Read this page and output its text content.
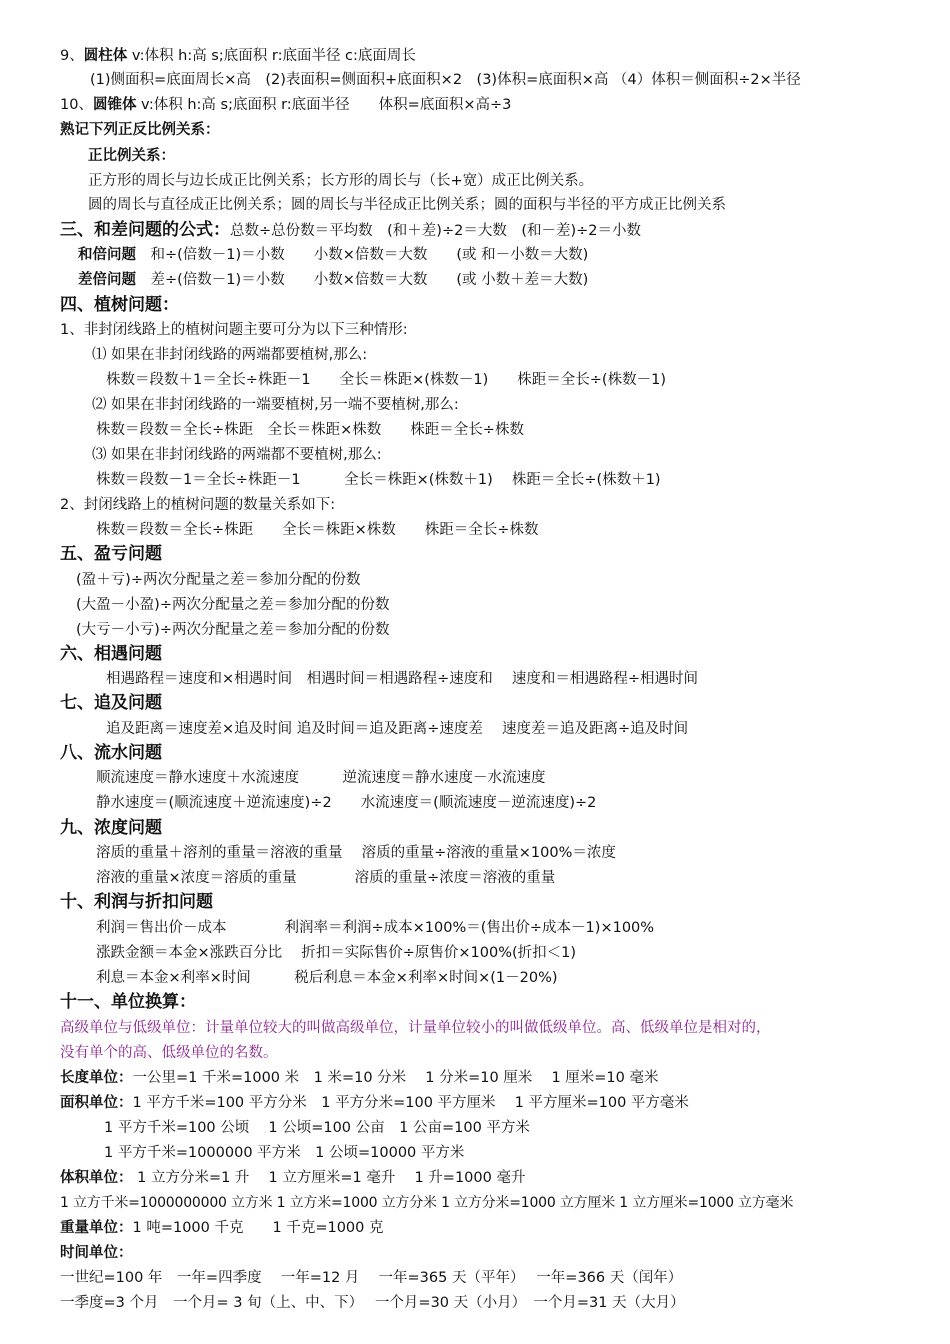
9、圆柱体 v:体积 h:高 s;底面积 r:底面半径 c:底面周长
(1)侧面积=底面周长×高　(2)表面积=侧面积+底面积×2　(3)体积=底面积×高 （4）体积＝侧面积÷2×半径
10、圆锥体 v:体积 h:高 s;底面积 r:底面半径　　体积=底面积×高÷3
熟记下列正反比例关系：
正比例关系：
正方形的周长与边长成正比例关系；长方形的周长与（长+宽）成正比例关系。
圆的周长与直径成正比例关系；圆的周长与半径成正比例关系；圆的面积与半径的平方成正比例关系
三、和差问题的公式：总数÷总份数＝平均数　(和＋差)÷2＝大数　(和－差)÷2＝小数
和倍问题　和÷(倍数－1)＝小数　　小数×倍数＝大数　　(或 和－小数＝大数)
差倍问题　差÷(倍数－1)＝小数　　小数×倍数＝大数　　(或 小数＋差＝大数)
四、植树问题：
1、非封闭线路上的植树问题主要可分为以下三种情形:
⑴ 如果在非封闭线路的两端都要植树,那么:
株数＝段数＋1＝全长÷株距－1　　全长＝株距×(株数－1)　　株距＝全长÷(株数－1)
⑵ 如果在非封闭线路的一端要植树,另一端不要植树,那么:
株数＝段数＝全长÷株距　全长＝株距×株数　　株距＝全长÷株数
⑶ 如果在非封闭线路的两端都不要植树,那么:
株数＝段数－1＝全长÷株距－1　　　全长＝株距×(株数＋1)　 株距＝全长÷(株数＋1)
2、封闭线路上的植树问题的数量关系如下:
株数＝段数＝全长÷株距　　全长＝株距×株数　　株距＝全长÷株数
五、盈亏问题
(盈＋亏)÷两次分配量之差＝参加分配的份数
(大盈－小盈)÷两次分配量之差＝参加分配的份数
(大亏－小亏)÷两次分配量之差＝参加分配的份数
六、相遇问题
相遇路程＝速度和×相遇时间　相遇时间＝相遇路程÷速度和　 速度和＝相遇路程÷相遇时间
七、追及问题
追及距离＝速度差×追及时间 追及时间＝追及距离÷速度差　 速度差＝追及距离÷追及时间
八、流水问题
顺流速度＝静水速度＋水流速度　　　逆流速度＝静水速度－水流速度
静水速度＝(顺流速度＋逆流速度)÷2　　水流速度＝(顺流速度－逆流速度)÷2
九、浓度问题
溶质的重量＋溶剂的重量＝溶液的重量　 溶质的重量÷溶液的重量×100%＝浓度
溶液的重量×浓度＝溶质的重量　　　　溶质的重量÷浓度＝溶液的重量
十、利润与折扣问题
利润＝售出价－成本　　　　利润率＝利润÷成本×100%＝(售出价÷成本－1)×100%
涨跌金额＝本金×涨跌百分比　 折扣＝实际售价÷原售价×100%(折扣＜1)
利息＝本金×利率×时间　　　税后利息＝本金×利率×时间×(1－20%)
十一、单位换算：
高级单位与低级单位：计量单位较大的叫做高级单位，计量单位较小的叫做低级单位。高、低级单位是相对的，
没有单个的高、低级单位的名数。
长度单位：一公里=1 千米=1000 米　1 米=10 分米　 1 分米=10 厘米　 1 厘米=10 毫米
面积单位：1 平方千米=100 平方分米　1 平方分米=100 平方厘米　 1 平方厘米=100 平方毫米
1 平方千米=100 公顷　 1 公顷=100 公亩　1 公亩=100 平方米
1 平方千米=1000000 平方米　1 公顷=10000 平方米
体积单位： 1 立方分米=1 升　 1 立方厘米=1 毫升　 1 升=1000 毫升
1 立方千米=1000000000 立方米 1 立方米=1000 立方分米 1 立方分米=1000 立方厘米 1 立方厘米=1000 立方毫米
重量单位：1 吨=1000 千克　　1 千克=1000 克
时间单位：
一世纪=100 年　一年=四季度　 一年=12 月　 一年=365 天（平年）　 一年=366 天（闰年）
一季度=3 个月　一个月= 3 旬（上、中、下）　 一个月=30 天（小月）　一个月=31 天（大月）
